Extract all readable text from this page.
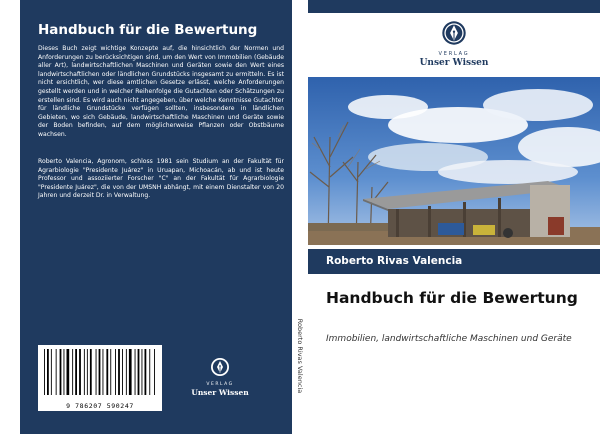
Handbuch für die Bewertung

Dieses Buch zeigt wichtige Konzepte auf, die hinsichtlich der Normen und Anforderungen zu berücksichtigen sind, um den Wert von Immobilien (Gebäude aller Art), landwirtschaftlichen Maschinen und Geräten sowie den Wert eines landwirtschaftlichen oder ländlichen Grundstücks insgesamt zu ermitteln. Es ist nicht ersichtlich, wer diese amtlichen Gesetze erlässt, welche Anforderungen gestellt werden und in welcher Reihenfolge die Gutachten oder Schätzungen zu erstellen sind. Es wird auch nicht angegeben, über welche Kenntnisse Gutachter für ländliche Grundstücke verfügen sollten, insbesondere in ländlichen Gebieten, wo sich Gebäude, landwirtschaftliche Maschinen und Geräte sowie der Boden befinden, auf dem möglicherweise Pflanzen oder Obstbäume wachsen.

Roberto Valencia, Agronom, schloss 1981 sein Studium an der Fakultät für Agrarbiologie "Presidente Juárez" in Uruapan, Michoacán, ab und ist heute Professor und assoziierter Forscher "C" an der Fakultät für Agrarbiologie "Presidente Juárez", die von der UMSNH abhängt, mit einem Dienstalter von 20 Jahren und derzeit Dr. in Verwaltung.

9 786207 590247
VERLAG
Unser Wissen	Roberto Rivas Valencia
VERLAG
Unser Wissen
Roberto Rivas Valencia
Handbuch für die Bewertung

Immobilien, landwirtschaftliche Maschinen und Geräte
